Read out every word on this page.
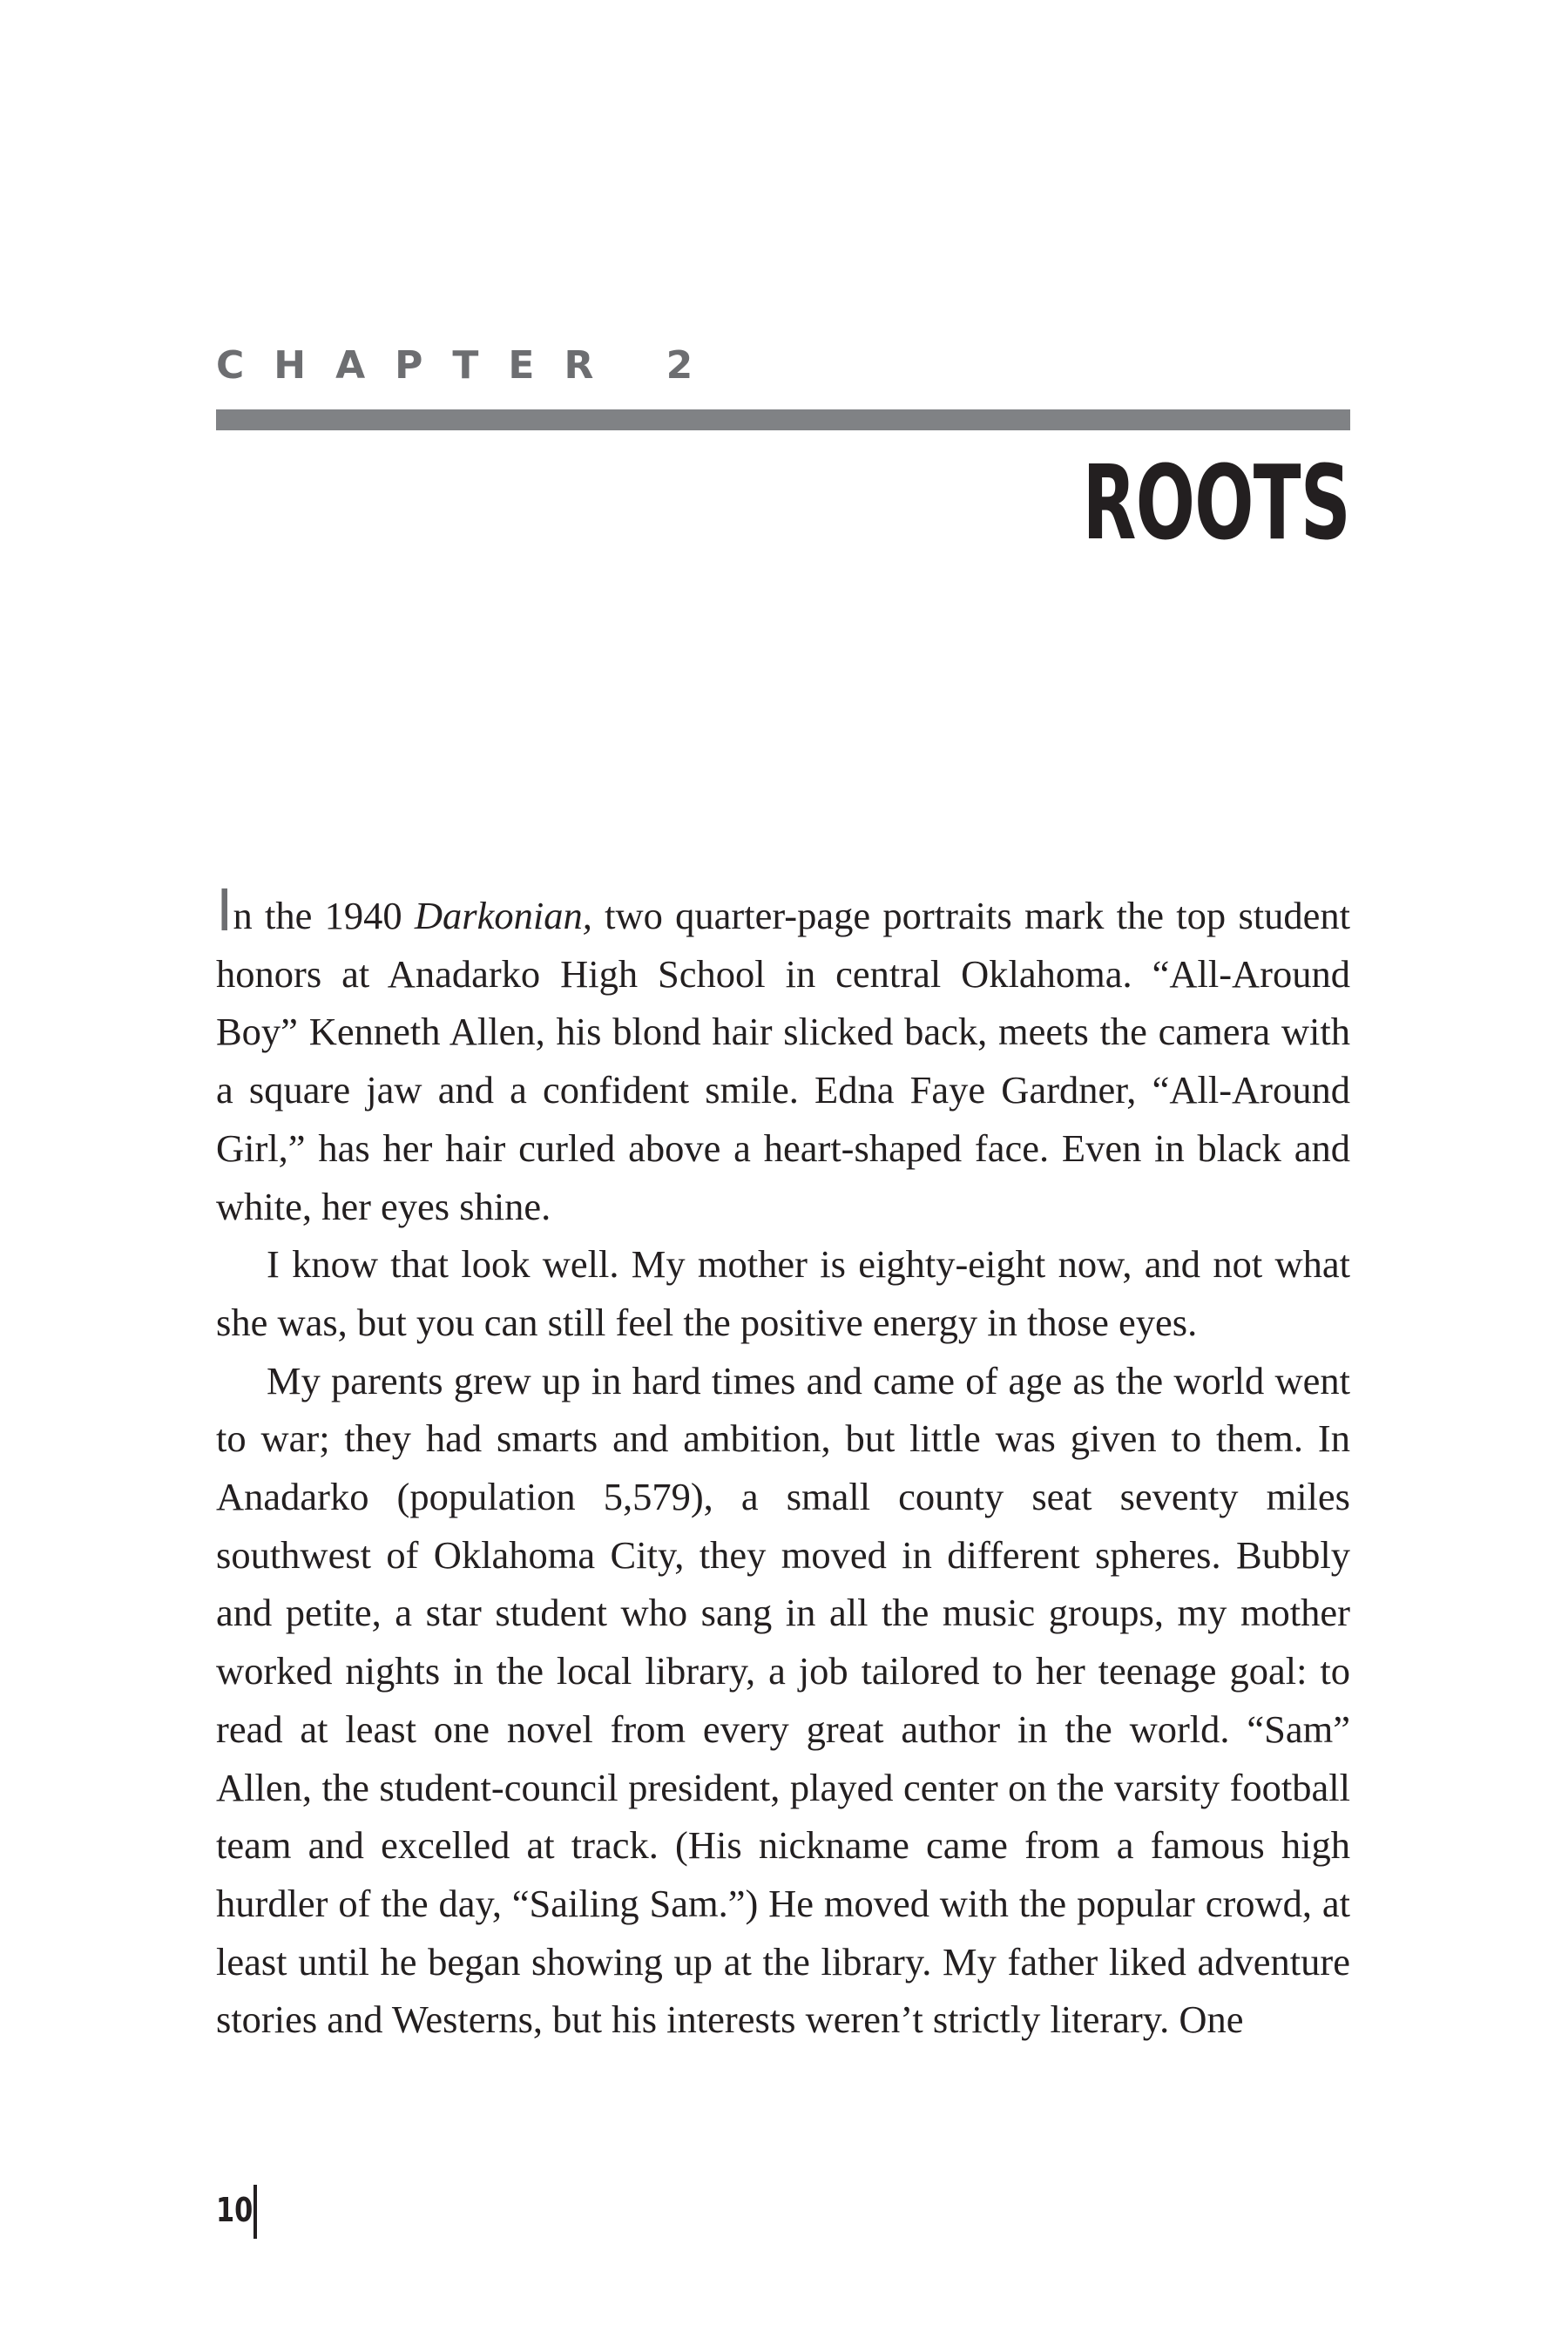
CHAPTER 2
ROOTS

In the 1940 Darkonian, two quarter-page portraits mark the top student honors at Anadarko High School in central Oklahoma. “All-Around Boy” Kenneth Allen, his blond hair slicked back, meets the camera with a square jaw and a confident smile. Edna Faye Gardner, “All-Around Girl,” has her hair curled above a heart-shaped face. Even in black and white, her eyes shine.

I know that look well. My mother is eighty-eight now, and not what she was, but you can still feel the positive energy in those eyes.

My parents grew up in hard times and came of age as the world went to war; they had smarts and ambition, but little was given to them. In Anadarko (population 5,579), a small county seat seventy miles southwest of Oklahoma City, they moved in different spheres. Bubbly and petite, a star student who sang in all the music groups, my mother worked nights in the local library, a job tailored to her teenage goal: to read at least one novel from every great author in the world. “Sam” Allen, the student-council president, played center on the varsity football team and excelled at track. (His nickname came from a famous high hurdler of the day, “Sailing Sam.”) He moved with the popular crowd, at least until he began showing up at the library. My father liked adventure stories and Westerns, but his interests weren’t strictly literary. One

10
